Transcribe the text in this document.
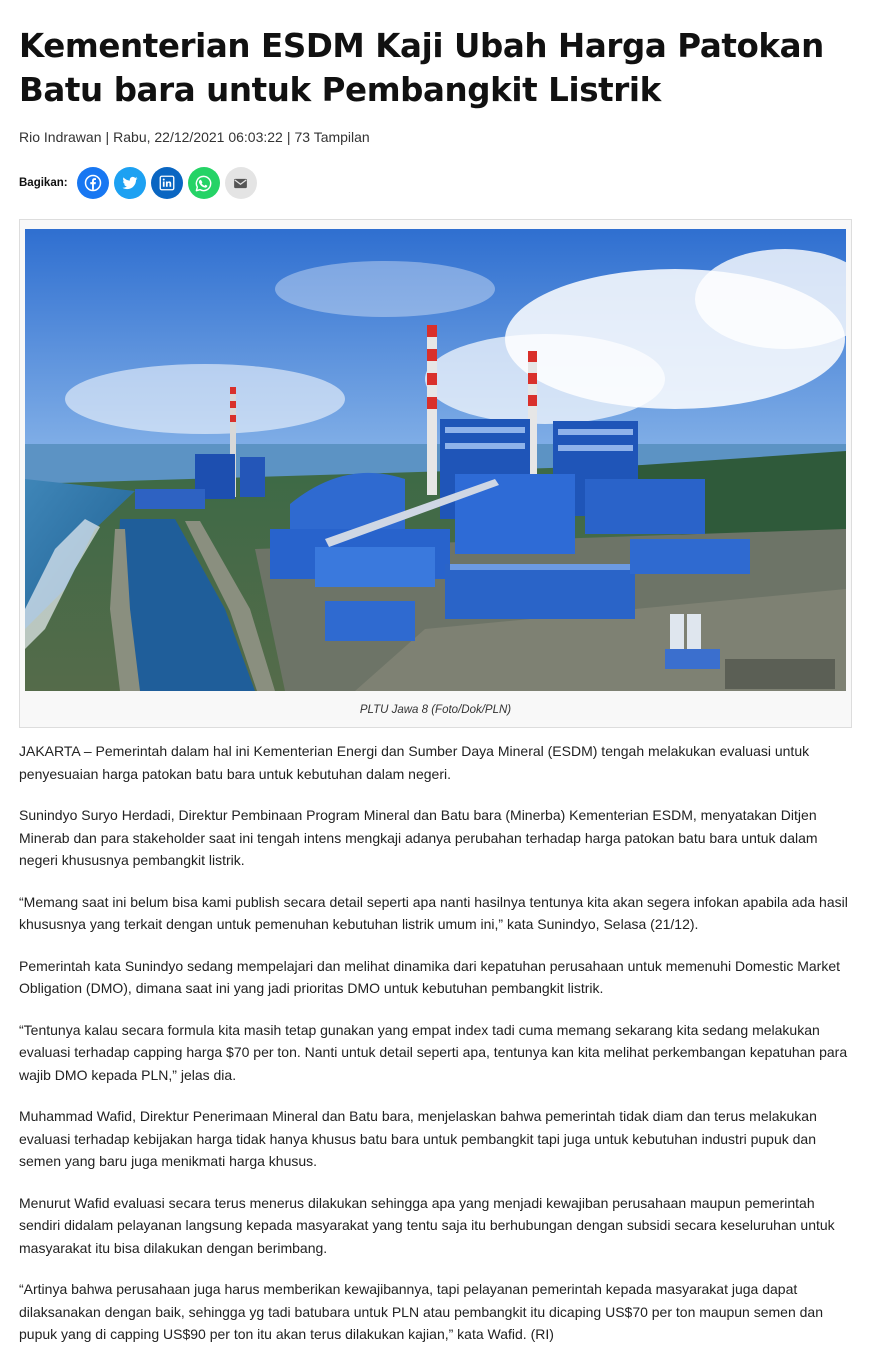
Kementerian ESDM Kaji Ubah Harga Patokan Batu bara untuk Pembangkit Listrik
Rio Indrawan | Rabu, 22/12/2021 06:03:22 | 73 Tampilan
Bagikan:
PLTU Jawa 8 (Foto/Dok/PLN)

JAKARTA – Pemerintah dalam hal ini Kementerian Energi dan Sumber Daya Mineral (ESDM) tengah melakukan evaluasi untuk penyesuaian harga patokan batu bara untuk kebutuhan dalam negeri.

Sunindyo Suryo Herdadi, Direktur Pembinaan Program Mineral dan Batu bara (Minerba) Kementerian ESDM, menyatakan Ditjen Minerab dan para stakeholder saat ini tengah intens mengkaji adanya perubahan terhadap harga patokan batu bara untuk dalam negeri khususnya pembangkit listrik.

“Memang saat ini belum bisa kami publish secara detail seperti apa nanti hasilnya tentunya kita akan segera infokan apabila ada hasil khususnya yang terkait dengan untuk pemenuhan kebutuhan listrik umum ini,” kata Sunindyo, Selasa (21/12).

Pemerintah kata Sunindyo sedang mempelajari dan melihat dinamika dari kepatuhan perusahaan untuk memenuhi Domestic Market Obligation (DMO), dimana saat ini yang jadi prioritas DMO untuk kebutuhan pembangkit listrik.

“Tentunya kalau secara formula kita masih tetap gunakan yang empat index tadi cuma memang sekarang kita sedang melakukan evaluasi terhadap capping harga $70 per ton. Nanti untuk detail seperti apa, tentunya kan kita melihat perkembangan kepatuhan para wajib DMO kepada PLN,” jelas dia.

Muhammad Wafid, Direktur Penerimaan Mineral dan Batu bara, menjelaskan bahwa pemerintah tidak diam dan terus melakukan evaluasi terhadap kebijakan harga tidak hanya khusus batu bara untuk pembangkit tapi juga untuk kebutuhan industri pupuk dan semen yang baru juga menikmati harga khusus.

Menurut Wafid evaluasi secara terus menerus dilakukan sehingga apa yang menjadi kewajiban perusahaan maupun pemerintah sendiri didalam pelayanan langsung kepada masyarakat yang tentu saja itu berhubungan dengan subsidi secara keseluruhan untuk masyarakat itu bisa dilakukan dengan berimbang.

“Artinya bahwa perusahaan juga harus memberikan kewajibannya, tapi pelayanan pemerintah kepada masyarakat juga dapat dilaksanakan dengan baik, sehingga yg tadi batubara untuk PLN atau pembangkit itu dicaping US$70 per ton maupun semen dan pupuk yang di capping US$90 per ton itu akan terus dilakukan kajian,” kata Wafid. (RI)
